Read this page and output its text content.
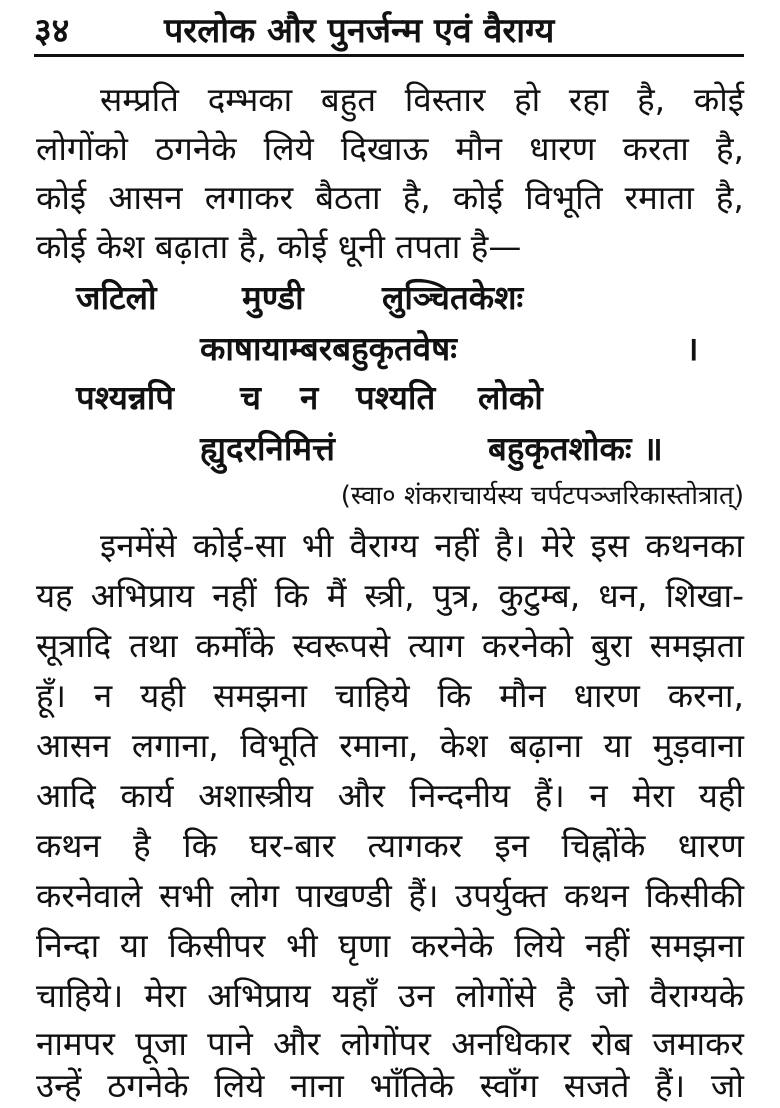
३४	परलोक और पुनर्जन्म एवं वैराग्य
सम्प्रति दम्भका बहुत विस्तार हो रहा है, कोई
लोगोंको ठगनेके लिये दिखाऊ मौन धारण करता है,
कोई आसन लगाकर बैठता है, कोई विभूति रमाता है,
कोई केश बढ़ाता है, कोई धूनी तपता है—
जटिलो	मुण्डी लुञ्चितकेशः
काषायाम्बरबहुकृतवेषः	।
पश्यन्नपि च न पश्यति लोको
ह्युदरनिमित्तं	बहुकृतशोकः ॥
(स्वा० शंकराचार्यस्य चर्पटपञ्जरिकास्तोत्रात्)
इनमेंसे कोई-सा भी वैराग्य नहीं है। मेरे इस कथनका
यह अभिप्राय नहीं कि मैं स्त्री, पुत्र, कुटुम्ब, धन, शिखा-
सूत्रादि तथा कर्मोंके स्वरूपसे त्याग करनेको बुरा समझता
हूँ। न यही समझना चाहिये कि मौन धारण करना,
आसन लगाना, विभूति रमाना, केश बढ़ाना या मुड़वाना
आदि कार्य अशास्त्रीय और निन्दनीय हैं। न मेरा यही
कथन है कि घर-बार त्यागकर इन चिह्नोंके धारण
करनेवाले सभी लोग पाखण्डी हैं। उपर्युक्त कथन किसीकी
निन्दा या किसीपर भी घृणा करनेके लिये नहीं समझना
चाहिये। मेरा अभिप्राय यहाँ उन लोगोंसे है जो वैराग्यके
नामपर पूजा पाने और लोगोंपर अनधिकार रोब जमाकर
उन्हें ठगनेके लिये नाना भाँतिके स्वाँग सजते हैं। जो
